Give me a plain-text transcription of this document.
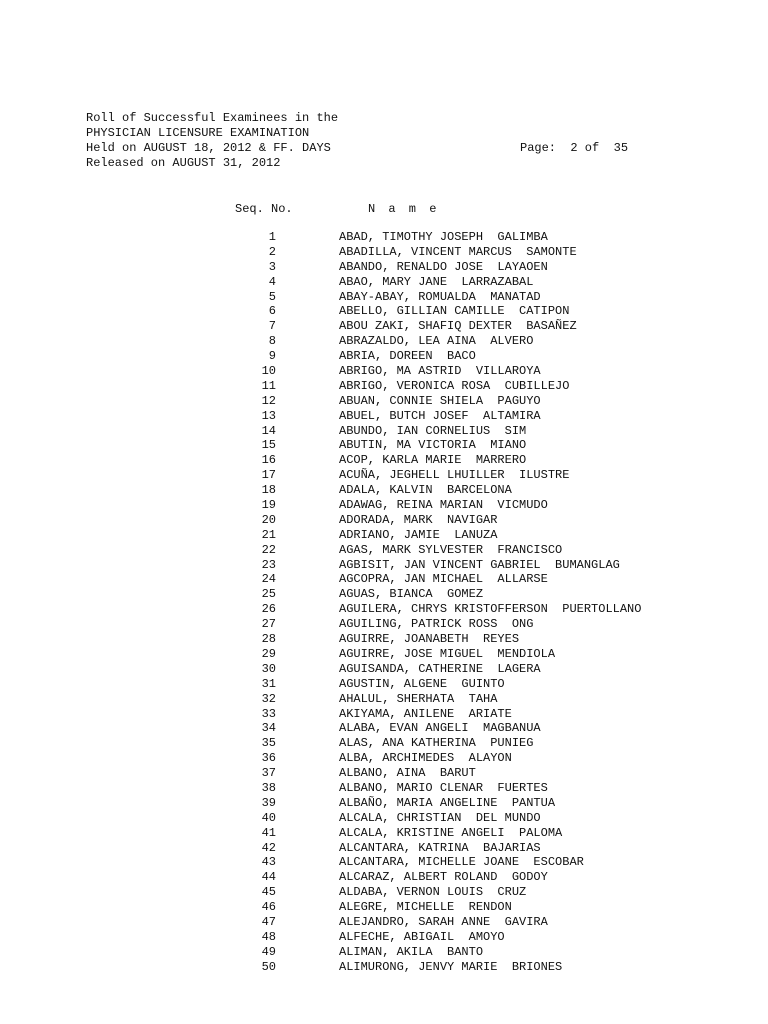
Roll of Successful Examinees in the
PHYSICIAN LICENSURE EXAMINATION
Held on AUGUST 18, 2012 & FF. DAYS
Released on AUGUST 31, 2012
Page:  2 of  35
Seq. No.	N a m e
1	ABAD, TIMOTHY JOSEPH  GALIMBA
2	ABADILLA, VINCENT MARCUS  SAMONTE
3	ABANDO, RENALDO JOSE  LAYAOEN
4	ABAO, MARY JANE  LARRAZABAL
5	ABAY-ABAY, ROMUALDA  MANATAD
6	ABELLO, GILLIAN CAMILLE  CATIPON
7	ABOU ZAKI, SHAFIQ DEXTER  BASAÑEZ
8	ABRAZALDO, LEA AINA  ALVERO
9	ABRIA, DOREEN  BACO
10	ABRIGO, MA ASTRID  VILLAROYA
11	ABRIGO, VERONICA ROSA  CUBILLEJO
12	ABUAN, CONNIE SHIELA  PAGUYO
13	ABUEL, BUTCH JOSEF  ALTAMIRA
14	ABUNDO, IAN CORNELIUS  SIM
15	ABUTIN, MA VICTORIA  MIANO
16	ACOP, KARLA MARIE  MARRERO
17	ACUÑA, JEGHELL LHUILLER  ILUSTRE
18	ADALA, KALVIN  BARCELONA
19	ADAWAG, REINA MARIAN  VICMUDO
20	ADORADA, MARK  NAVIGAR
21	ADRIANO, JAMIE  LANUZA
22	AGAS, MARK SYLVESTER  FRANCISCO
23	AGBISIT, JAN VINCENT GABRIEL  BUMANGLAG
24	AGCOPRA, JAN MICHAEL  ALLARSE
25	AGUAS, BIANCA  GOMEZ
26	AGUILERA, CHRYS KRISTOFFERSON  PUERTOLLANO
27	AGUILING, PATRICK ROSS  ONG
28	AGUIRRE, JOANABETH  REYES
29	AGUIRRE, JOSE MIGUEL  MENDIOLA
30	AGUISANDA, CATHERINE  LAGERA
31	AGUSTIN, ALGENE  GUINTO
32	AHALUL, SHERHATA  TAHA
33	AKIYAMA, ANILENE  ARIATE
34	ALABA, EVAN ANGELI  MAGBANUA
35	ALAS, ANA KATHERINA  PUNIEG
36	ALBA, ARCHIMEDES  ALAYON
37	ALBANO, AINA  BARUT
38	ALBANO, MARIO CLENAR  FUERTES
39	ALBAÑO, MARIA ANGELINE  PANTUA
40	ALCALA, CHRISTIAN  DEL MUNDO
41	ALCALA, KRISTINE ANGELI  PALOMA
42	ALCANTARA, KATRINA  BAJARIAS
43	ALCANTARA, MICHELLE JOANE  ESCOBAR
44	ALCARAZ, ALBERT ROLAND  GODOY
45	ALDABA, VERNON LOUIS  CRUZ
46	ALEGRE, MICHELLE  RENDON
47	ALEJANDRO, SARAH ANNE  GAVIRA
48	ALFECHE, ABIGAIL  AMOYO
49	ALIMAN, AKILA  BANTO
50	ALIMURONG, JENVY MARIE  BRIONES
